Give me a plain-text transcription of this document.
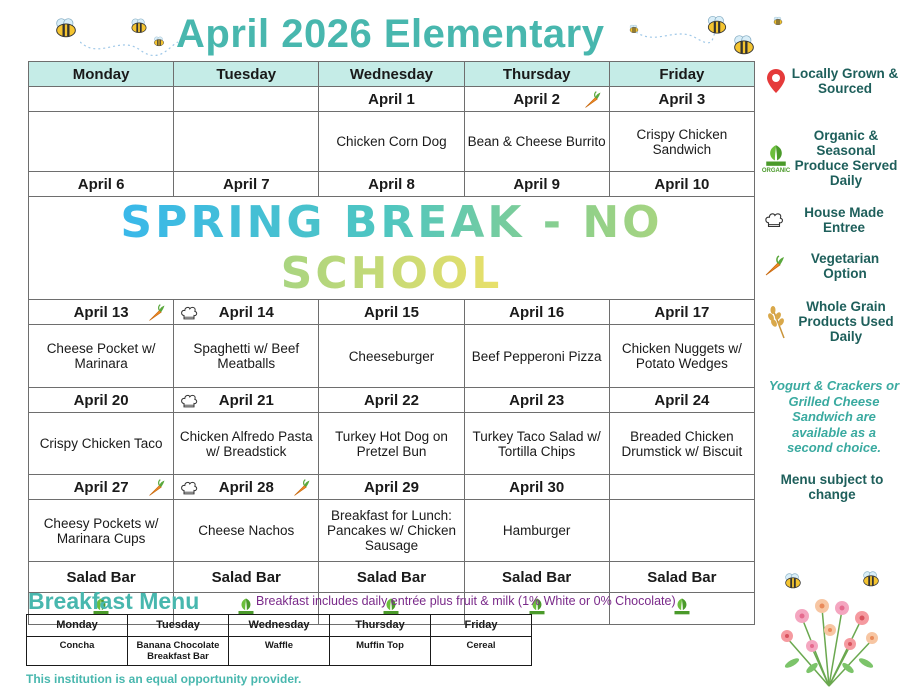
April 2026 Elementary
Monday	Tuesday	Wednesday	Thursday	Friday
		April 1	April 2	April 3
		Chicken Corn Dog	Bean & Cheese Burrito	Crispy Chicken Sandwich
April 6	April 7	April 8	April 9	April 10
SPRING BREAK - NO SCHOOL				
April 13	April 14	April 15	April 16	April 17
Cheese Pocket w/ Marinara	Spaghetti w/ Beef Meatballs	Cheeseburger	Beef Pepperoni Pizza	Chicken Nuggets w/ Potato Wedges
April 20	April 21	April 22	April 23	April 24
Crispy Chicken Taco	Chicken Alfredo Pasta w/ Breadstick	Turkey Hot Dog on Pretzel Bun	Turkey Taco Salad w/ Tortilla Chips	Breaded Chicken Drumstick w/ Biscuit
April 27	April 28	April 29	April 30	
Cheesy Pockets w/ Marinara Cups	Cheese Nachos	Breakfast for Lunch: Pancakes w/ Chicken Sausage	Hamburger	
Salad Bar	Salad Bar	Salad Bar	Salad Bar	Salad Bar

Locally Grown & Sourced
ORGANIC
Organic & Seasonal Produce Served Daily
House Made Entree
Vegetarian Option
Whole Grain Products Used Daily
Yogurt & Crackers or Grilled Cheese Sandwich are available as a second choice.
Menu subject to change
Breakfast Menu	Breakfast includes daily entrée plus fruit & milk (1% White or 0% Chocolate)
Monday	Tuesday	Wednesday	Thursday	Friday
Concha	Banana Chocolate Breakfast Bar	Waffle	Muffin Top	Cereal
This institution is an equal opportunity provider.
